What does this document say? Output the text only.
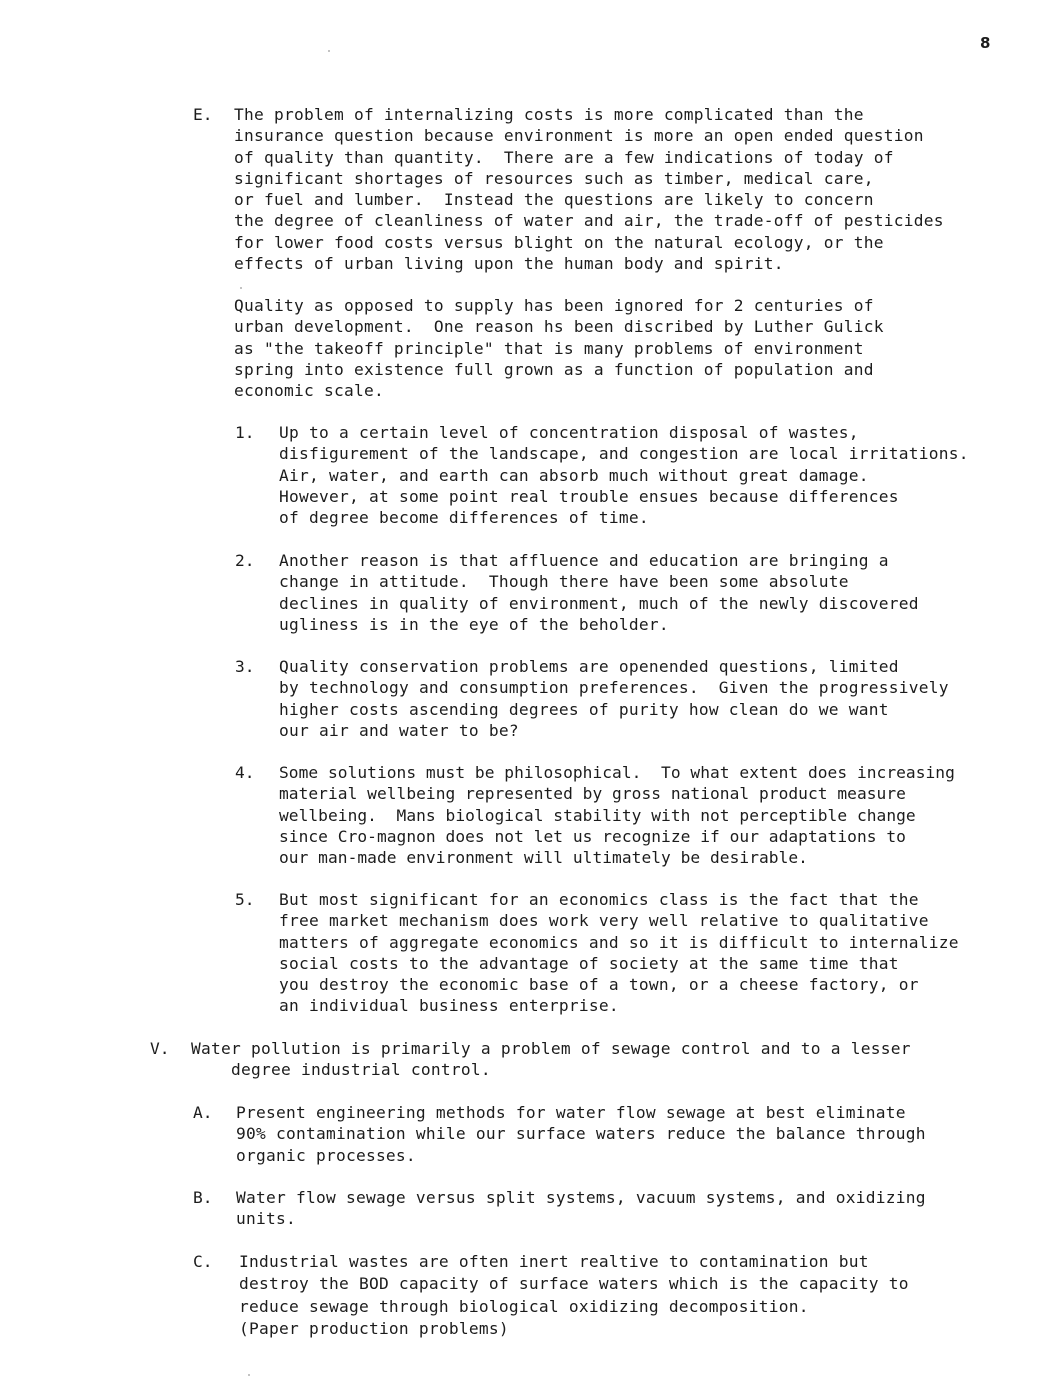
8
E. The problem of internalizing costs is more complicated than the
insurance question because environment is more an open ended question
of quality than quantity.  There are a few indications of today of
significant shortages of resources such as timber, medical care,
or fuel and lumber.  Instead the questions are likely to concern
the degree of cleanliness of water and air, the trade-off of pesticides
for lower food costs versus blight on the natural ecology, or the
effects of urban living upon the human body and spirit.
Quality as opposed to supply has been ignored for 2 centuries of
urban development.  One reason hs been discribed by Luther Gulick
as "the takeoff principle" that is many problems of environment
spring into existence full grown as a function of population and
economic scale.
1. Up to a certain level of concentration disposal of wastes,
disfigurement of the landscape, and congestion are local irritations.
Air, water, and earth can absorb much without great damage.
However, at some point real trouble ensues because differences
of degree become differences of time.
2. Another reason is that affluence and education are bringing a
change in attitude.  Though there have been some absolute
declines in quality of environment, much of the newly discovered
ugliness is in the eye of the beholder.
3. Quality conservation problems are openended questions, limited
by technology and consumption preferences.  Given the progressively
higher costs ascending degrees of purity how clean do we want
our air and water to be?
4. Some solutions must be philosophical.  To what extent does increasing
material wellbeing represented by gross national product measure
wellbeing.  Mans biological stability with not perceptible change
since Cro-magnon does not let us recognize if our adaptations to
our man-made environment will ultimately be desirable.
5. But most significant for an economics class is the fact that the
free market mechanism does work very well relative to qualitative
matters of aggregate economics and so it is difficult to internalize
social costs to the advantage of society at the same time that
you destroy the economic base of a town, or a cheese factory, or
an individual business enterprise.
V. Water pollution is primarily a problem of sewage control and to a lesser
degree industrial control.
A. Present engineering methods for water flow sewage at best eliminate
90% contamination while our surface waters reduce the balance through
organic processes.
B. Water flow sewage versus split systems, vacuum systems, and oxidizing
units.
C. Industrial wastes are often inert realtive to contamination but
destroy the BOD capacity of surface waters which is the capacity to
reduce sewage through biological oxidizing decomposition.
(Paper production problems)
